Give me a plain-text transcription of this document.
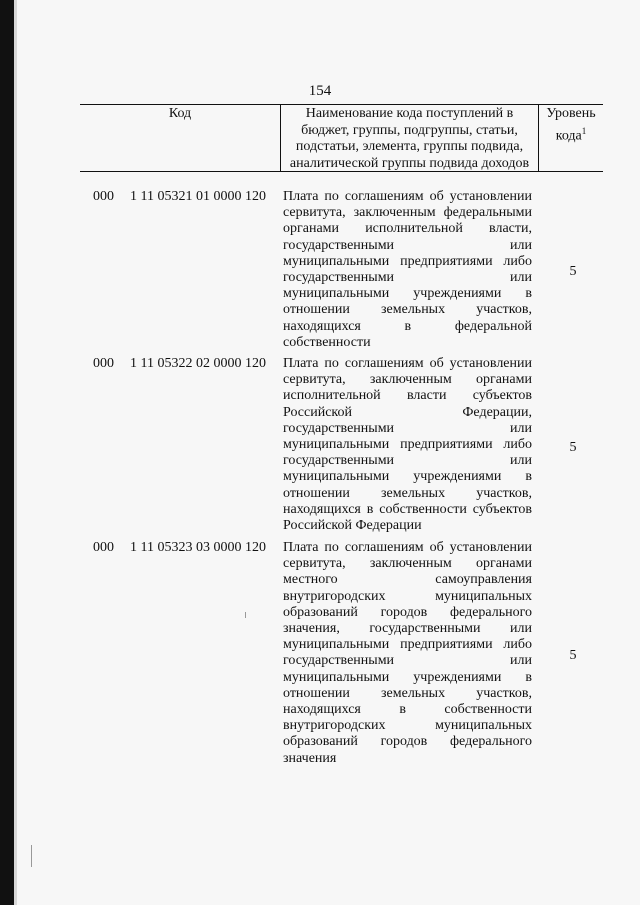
154
Код	Наименование кода поступлений в
бюджет, группы, подгруппы, статьи,
подстатьи, элемента, группы подвида,
аналитической группы подвида доходов
Уровень
кода$^1$
000 1 11 05321 01 0000 120 Плата по соглашениям об установлении
сервитута, заключенным федеральными
органами исполнительной власти,
государственными или
муниципальными предприятиями либо
государственными или
муниципальными учреждениями в
отношении земельных участков,
находящихся в федеральной
собственности
5
000 1 11 05322 02 0000 120 Плата по соглашениям об установлении
сервитута, заключенным органами
исполнительной власти субъектов
Российской Федерации,
государственными или
муниципальными предприятиями либо
государственными или
муниципальными учреждениями в
отношении земельных участков,
находящихся в собственности субъектов
Российской Федерации
5
000 1 11 05323 03 0000 120 Плата по соглашениям об установлении
сервитута, заключенным органами
местного самоуправления
внутригородских муниципальных
образований городов федерального
значения, государственными или
муниципальными предприятиями либо
государственными или
муниципальными учреждениями в
отношении земельных участков,
находящихся в собственности
внутригородских муниципальных
образований городов федерального
значения
5
